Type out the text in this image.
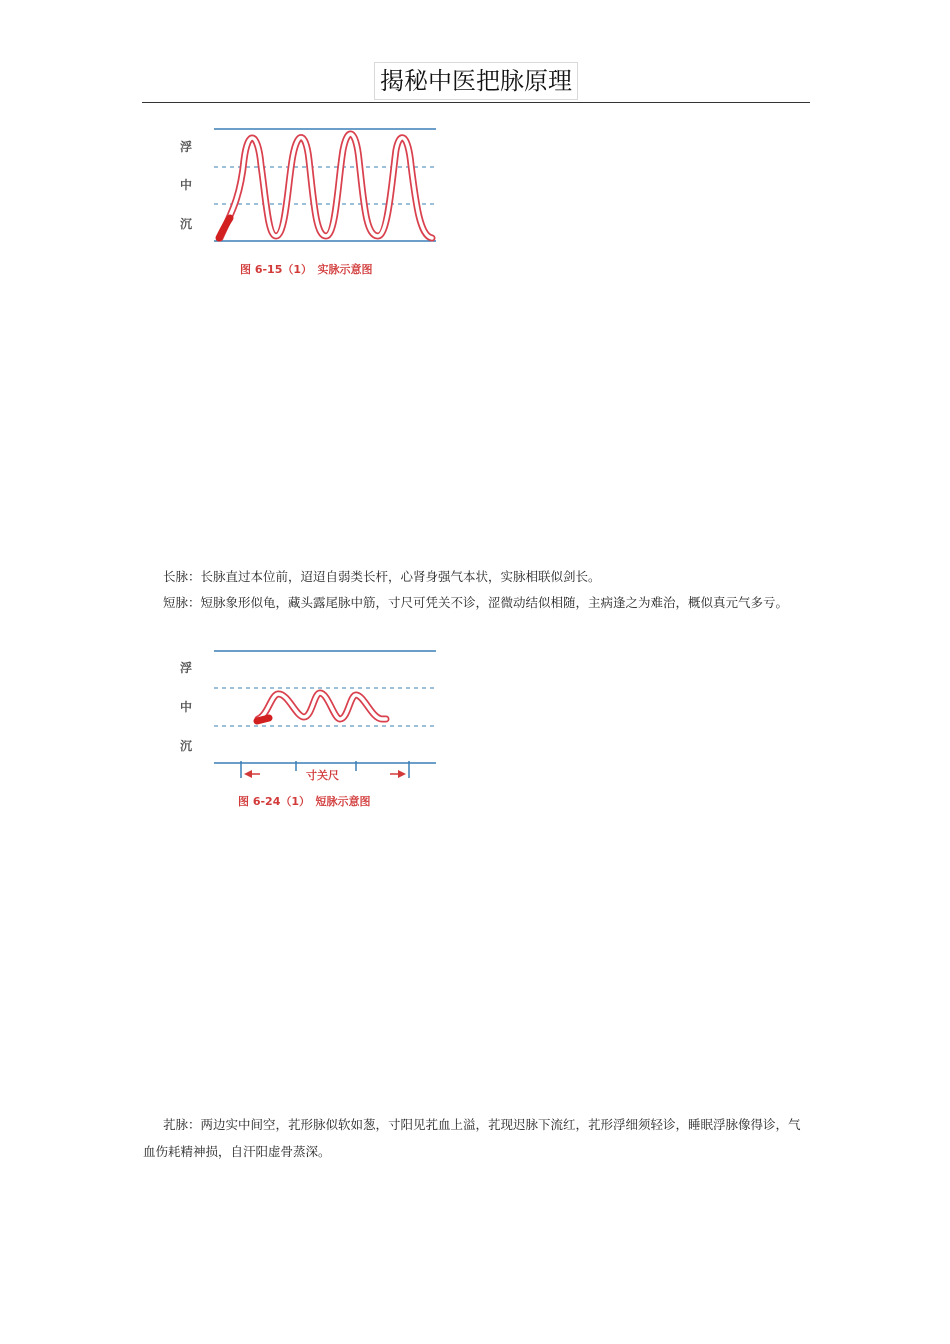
揭秘中医把脉原理
浮
中
沉
图 6-15（1）　实脉示意图
长脉：长脉直过本位前，迢迢自弱类长杆，心肾身强气本状，实脉相联似剑长。
短脉：短脉象形似龟，藏头露尾脉中筋，寸尺可凭关不诊，涩微动结似相随，主病逢之为难治，概似真元气多亏。
浮
中
沉
寸关尺
图 6-24（1）　短脉示意图
芤脉：两边实中间空，芤形脉似软如葱，寸阳见芤血上溢，芤现迟脉下流红，芤形浮细须轻诊，睡眠浮脉像得诊，气血伤耗精神损，自汗阳虚骨蒸深。
